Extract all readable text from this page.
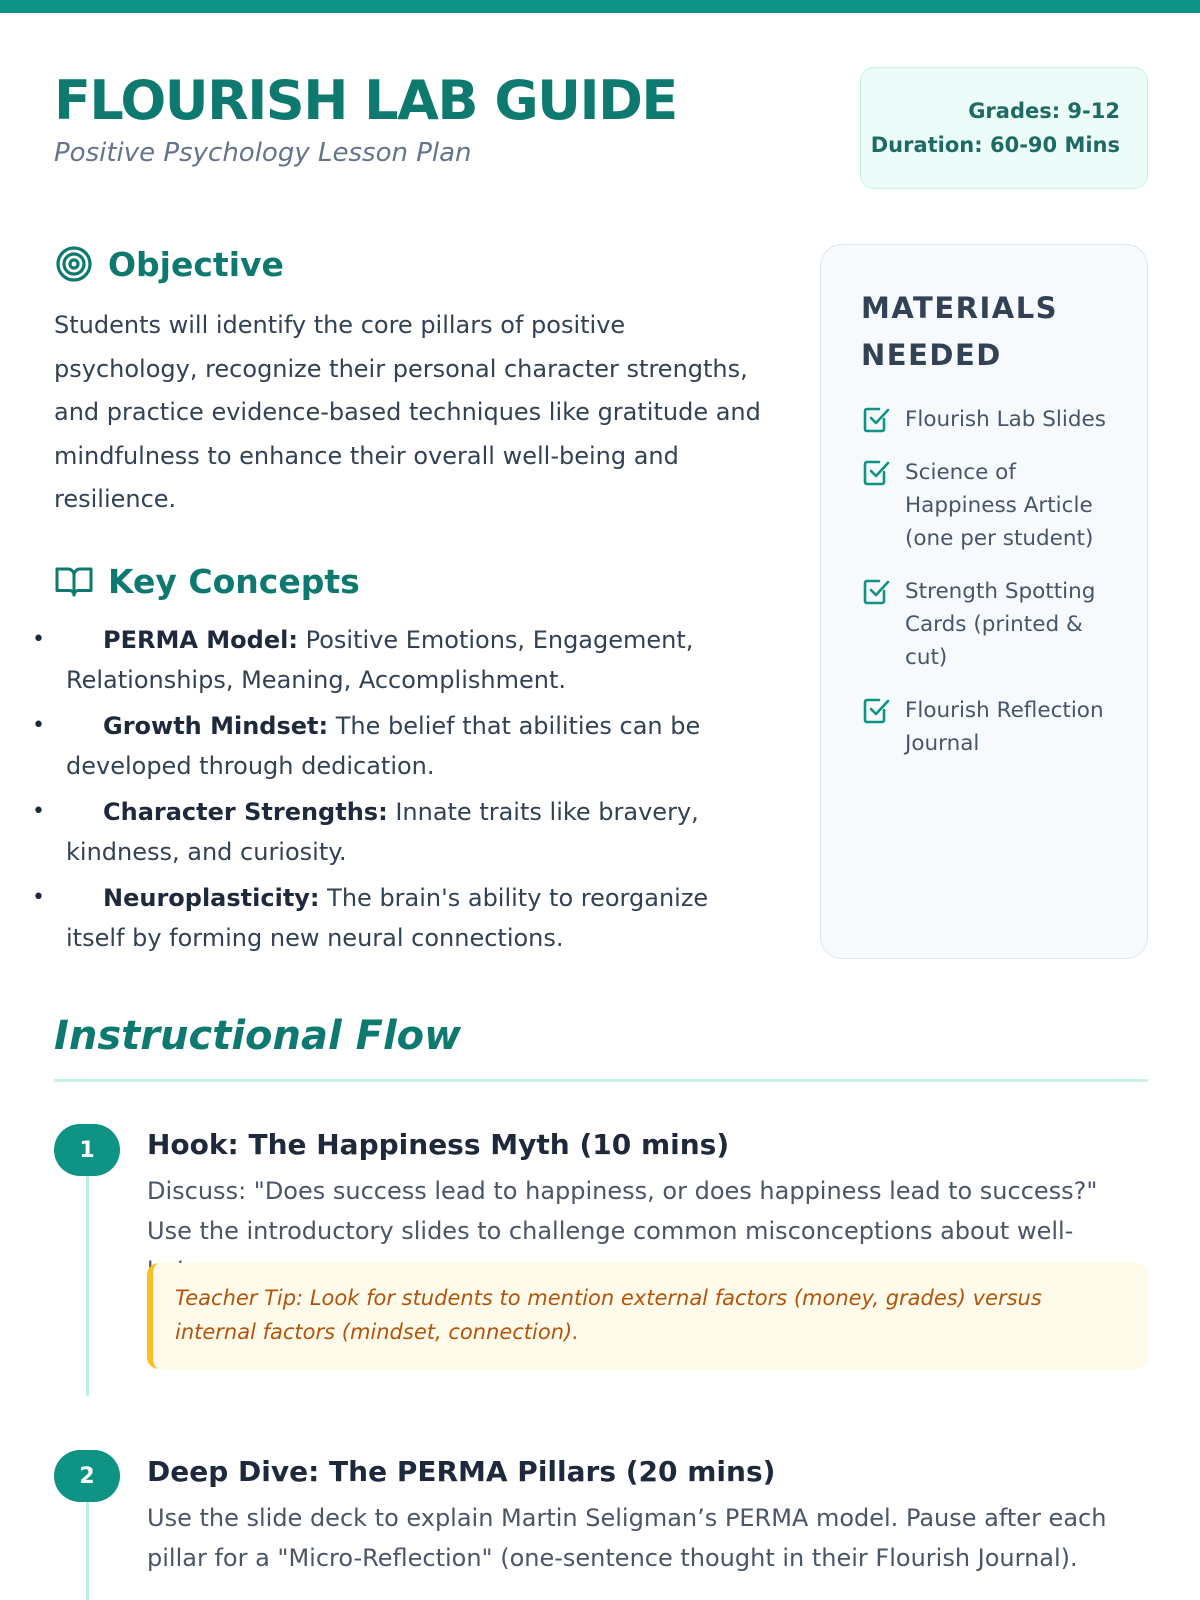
FLOURISH LAB GUIDE
Positive Psychology Lesson Plan
Grades: 9-12
Duration: 60-90 Mins
Objective

Students will identify the core pillars of positive psychology, recognize their personal character strengths, and practice evidence-based techniques like gratitude and mindfulness to enhance their overall well-being and resilience.

Key Concepts
• PERMA Model: Positive Emotions, Engagement, Relationships, Meaning, Accomplishment.
• Growth Mindset: The belief that abilities can be developed through dedication.
• Character Strengths: Innate traits like bravery, kindness, and curiosity.
• Neuroplasticity: The brain's ability to reorganize itself by forming new neural connections.
MATERIALS NEEDED
Flourish Lab Slides
Science of Happiness Article (one per student)
Strength Spotting Cards (printed & cut)
Flourish Reflection Journal
Instructional Flow
1	Hook: The Happiness Myth (10 mins)

Discuss: "Does success lead to happiness, or does happiness lead to success?" Use the introductory slides to challenge common misconceptions about well-

Teacher Tip: Look for students to mention external factors (money, grades) versus internal factors (mindset, connection).
2	Deep Dive: The PERMA Pillars (20 mins)

Use the slide deck to explain Martin Seligman’s PERMA model. Pause after each pillar for a "Micro-Reflection" (one-sentence thought in their Flourish Journal).
